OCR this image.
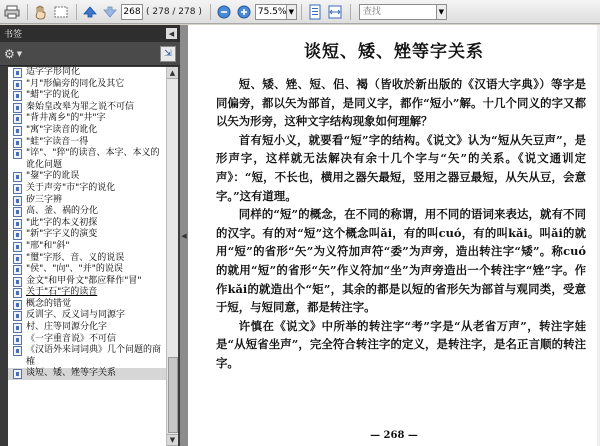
268 ( 278 / 278 )	75.5% ▼	查找	▼
书签	◀
⚙ ▼	⇲
适字字形同化
"月"形偏旁的同化及其它
"蜡"字的说化
秦始皇改皋为罪之说不可信
"背井离乡"的"井"字
"寓"字读音的讹化
"蛙"字读音一得
"谇"、"猝"的读音、本字、本义的讹化问题
"鋆"字的讹误
关于声旁"市"字的说化
矽三字辨
高、釜、祸的分化
"此"字的本义初探
"新"字字义的演变
"邢"和"斜"
"璽"字形、音、义的说误
"侯"、"向"、"并"的说误
金文"和甲骨文"都应释作"冒"
关于"石"字的读音
概念的错觉
反训字、反义词与同源字
村、庄等同源分化字
《一字重音说》不可信
《汉语外来词词典》几个问题的商榷
谈短、矮、矬等字关系
▲
▼
◀
谈短、矮、矬等字关系

短、矮、矬、短、侣、褐（皆收於新出版的《汉语大字典》）等字是同偏旁，都以矢为部首，是同义字，都作“短小”解。十几个同义的字又都以矢为形旁，这种文字结构现象如何理解？

首有短小义，就要看“短”字的结构。《说文》认为“短从矢豆声”，是形声字，这样就无法解决有余十几个字与“矢”的关系。《说文通训定声》：“短，不长也，横用之器矢最短，竖用之器豆最短，从矢从豆，会意字。”这有道理。

同样的“短”的概念，在不同的称谓，用不同的语词来表达，就有不同的汉字。有的对“短”这个概念叫ǎi，有的叫cuó，有的叫kǎi。叫ǎi的就用“短”的省形“矢”为义符加声符“委”为声旁，造出转注字“矮”。称cuó的就用“短”的省形“矢”作义符加“坐”为声旁造出一个转注字“矬”字。作作kǎi的就造出个“矩”，其余的都是以短的省形矢为部首与观同类，受意于短，与短同意，都是转注字。

许慎在《说文》中所举的转注字“考”字是“从老省万声”，转注字娃是“从短省坐声”，完全符合转注字的定义，是转注字，是名正言顺的转注字。

— 268 —
